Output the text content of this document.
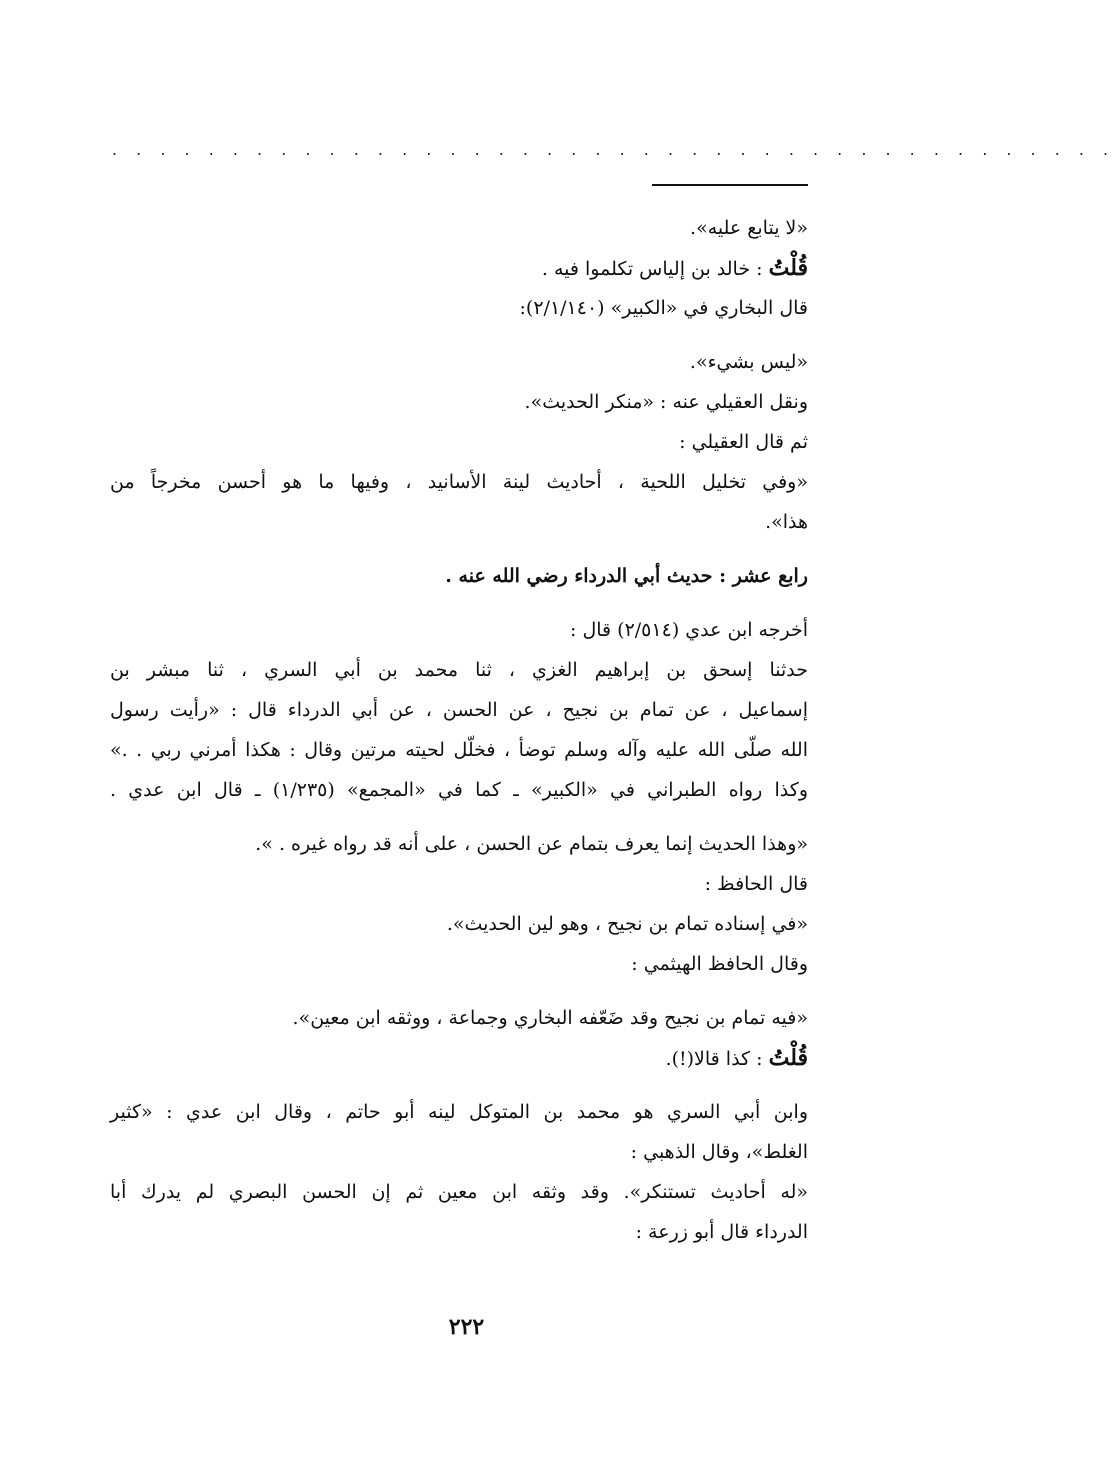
. . . . . . . . . . . . . . . . . . . . . . . . . . . . . . . . . . . . . . . . . .
«لا يتابع عليه».
قُلْتُ : خالد بن إلياس تكلموا فيه .
قال البخاري في «الكبير» (٢/١/١٤٠):
«ليس بشيء».
ونقل العقيلي عنه : «منكر الحديث».
ثم قال العقيلي :
«وفي تخليل اللحية ، أحاديث لينة الأسانيد ، وفيها ما هو أحسن مخرجاً من
هذا».
رابع عشر : حديث أبي الدرداء رضي الله عنه .
أخرجه ابن عدي (٢/٥١٤) قال :
حدثنا إسحق بن إبراهيم الغزي ، ثنا محمد بن أبي السري ، ثنا مبشر بن
إسماعيل ، عن تمام بن نجيح ، عن الحسن ، عن أبي الدرداء قال : «رأيت رسول
الله صلّى الله عليه وآله وسلم توضأ ، فخلّل لحيته مرتين وقال : هكذا أمرني ربي . .»
وكذا رواه الطبراني في «الكبير» ـ كما في «المجمع» (١/٢٣٥) ـ قال ابن عدي .
«وهذا الحديث إنما يعرف بتمام عن الحسن ، على أنه قد رواه غيره . ».
قال الحافظ :
«في إسناده تمام بن نجيح ، وهو لين الحديث».
وقال الحافظ الهيثمي :
«فيه تمام بن نجيح وقد ضَعّفه البخاري وجماعة ، ووثقه ابن معين».
قُلْتُ : كذا قالا(!).
وابن أبي السري هو محمد بن المتوكل لينه أبو حاتم ، وقال ابن عدي : «كثير
الغلط»، وقال الذهبي :
«له أحاديث تستنكر». وقد وثقه ابن معين ثم إن الحسن البصري لم يدرك أبا
الدرداء قال أبو زرعة :
٢٢٢
